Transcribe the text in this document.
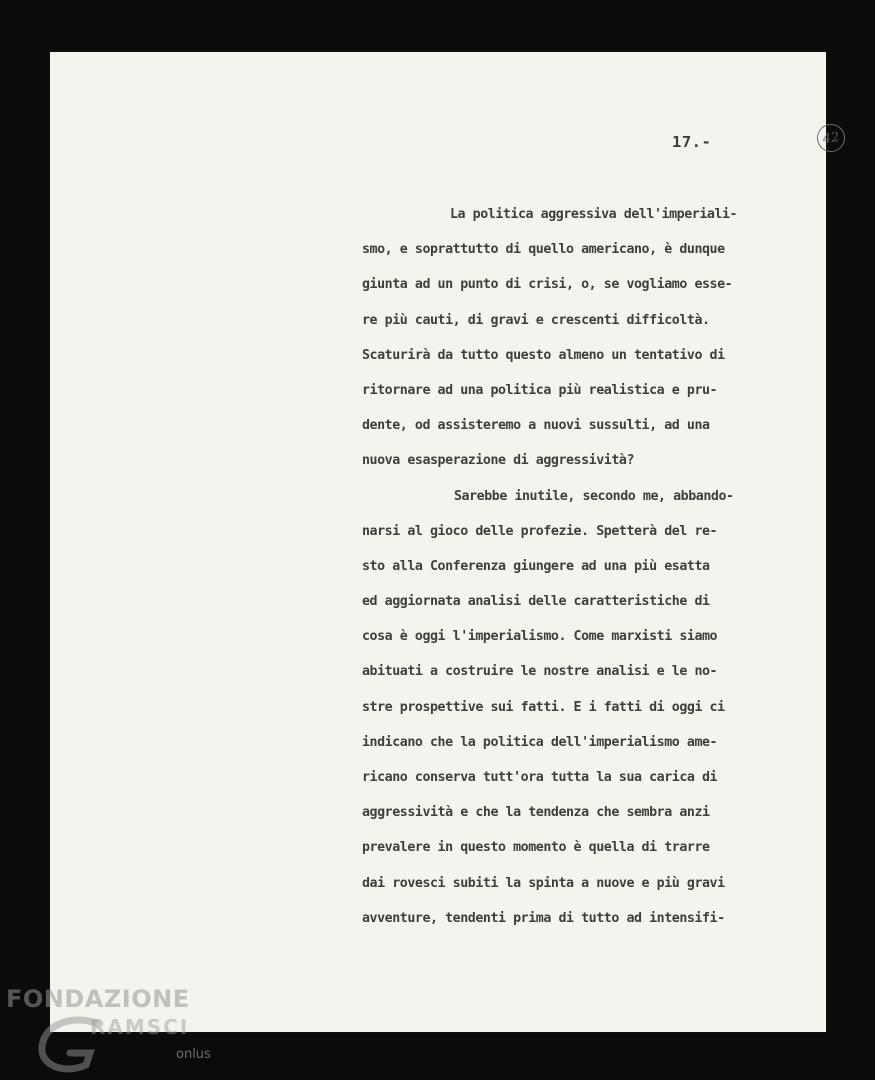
42
17.-
La politica aggressiva dell'imperiali-
smo, e soprattutto di quello americano, è dunque
giunta ad un punto di crisi, o, se vogliamo esse-
re più cauti, di gravi e crescenti difficoltà.
Scaturirà da tutto questo almeno un tentativo di
ritornare ad una politica più realistica e pru-
dente, od assisteremo a nuovi sussulti, ad una
nuova esasperazione di aggressività?
Sarebbe inutile, secondo me, abbando-
narsi al gioco delle profezie. Spetterà del re-
sto alla Conferenza giungere ad una più esatta
ed aggiornata analisi delle caratteristiche di
cosa è oggi l'imperialismo. Come marxisti siamo
abituati a costruire le nostre analisi e le no-
stre prospettive sui fatti. E i fatti di oggi ci
indicano che la politica dell'imperialismo ame-
ricano conserva tutt'ora tutta la sua carica di
aggressività e che la tendenza che sembra anzi
prevalere in questo momento è quella di trarre
dai rovesci subiti la spinta a nuove e più gravi
avventure, tendenti prima di tutto ad intensifi-
FONDAZIONE
RAMSCI
onlus
